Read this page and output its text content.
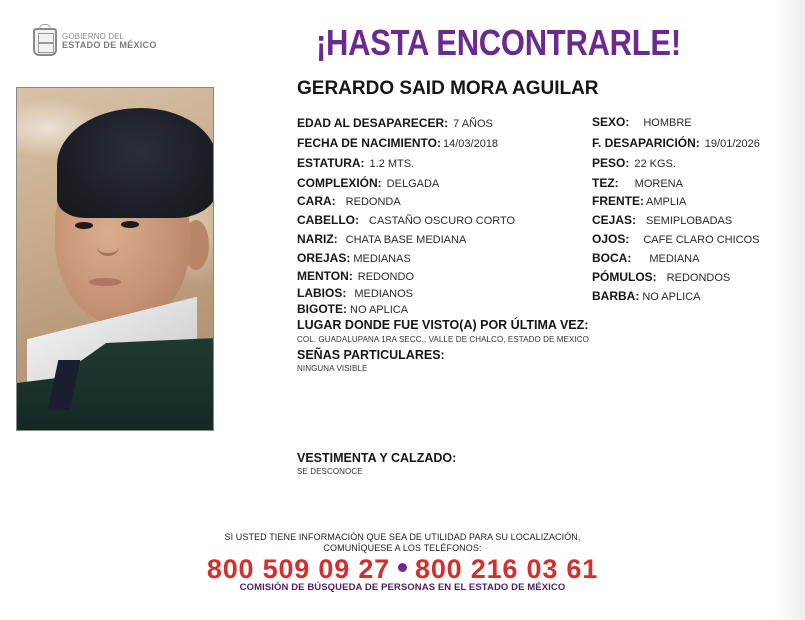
GOBIERNO DEL
ESTADO DE MÉXICO	¡HASTA ENCONTRARLE!
GERARDO SAID MORA AGUILAR
EDAD AL DESAPARECER: 7 AÑOS
FECHA DE NACIMIENTO: 14/03/2018
ESTATURA: 1.2 MTS.
COMPLEXIÓN: DELGADA
CARA: REDONDA
CABELLO: CASTAÑO OSCURO CORTO
NARIZ: CHATA BASE MEDIANA
OREJAS: MEDIANAS
MENTON: REDONDO
LABIOS: MEDIANOS
BIGOTE: NO APLICA
SEXO: HOMBRE
F. DESAPARICIÓN: 19/01/2026
PESO: 22 KGS.
TEZ: MORENA
FRENTE: AMPLIA
CEJAS: SEMIPLOBADAS
OJOS: CAFE CLARO CHICOS
BOCA: MEDIANA
PÓMULOS: REDONDOS
BARBA: NO APLICA
LUGAR DONDE FUE VISTO(A) POR ÚLTIMA VEZ:
COL. GUADALUPANA 1RA SECC., VALLE DE CHALCO, ESTADO DE MEXICO
SEÑAS PARTICULARES:
NINGUNA VISIBLE
VESTIMENTA Y CALZADO:
SE DESCONOCE
SI USTED TIENE INFORMACIÓN QUE SEA DE UTILIDAD PARA SU LOCALIZACIÓN,
COMUNÍQUESE A LOS TELÉFONOS:
800 509 09 27 800 216 03 61
COMISIÓN DE BÚSQUEDA DE PERSONAS EN EL ESTADO DE MÉXICO
